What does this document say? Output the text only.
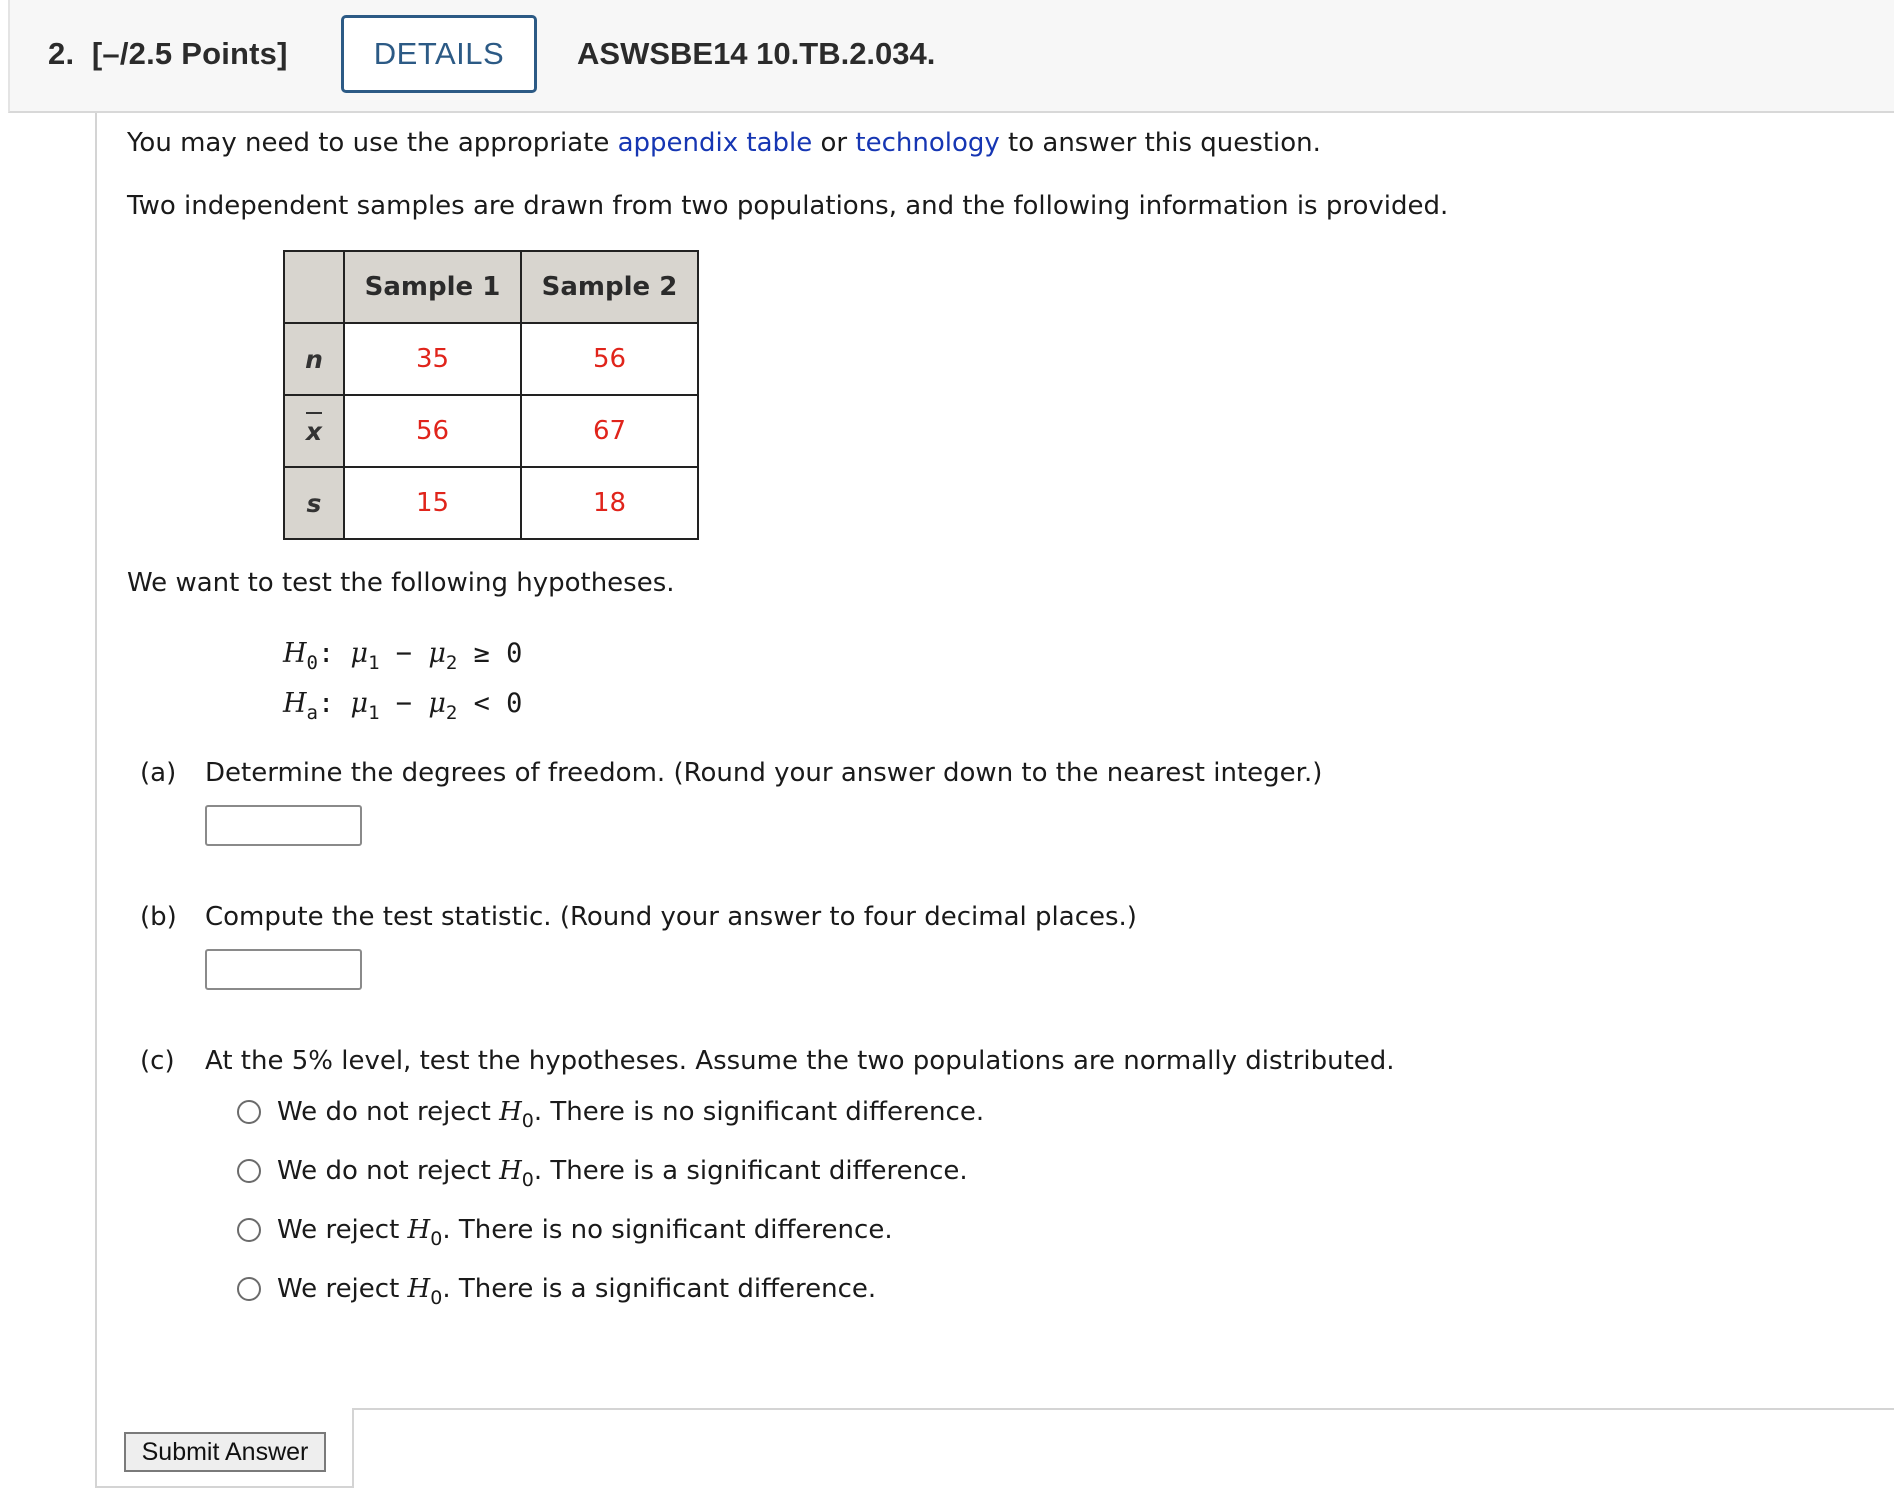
2. [–/2.5 Points]	DETAILS	ASWSBE14 10.TB.2.034.
You may need to use the appropriate appendix table or technology to answer this question.
Two independent samples are drawn from two populations, and the following information is provided.
	Sample 1	Sample 2
n	35	56
x	56	67
s	15	18
We want to test the following hypotheses.
$H_0$: $\mu_1 - \mu_2 \ge 0$
$H_a$: $\mu_1 - \mu_2 < 0$
(a) Determine the degrees of freedom. (Round your answer down to the nearest integer.)
(b) Compute the test statistic. (Round your answer to four decimal places.)
(c) At the 5% level, test the hypotheses. Assume the two populations are normally distributed.
We do not reject $H_0$. There is no significant difference.
We do not reject $H_0$. There is a significant difference.
We reject $H_0$. There is no significant difference.
We reject $H_0$. There is a significant difference.
Submit Answer
